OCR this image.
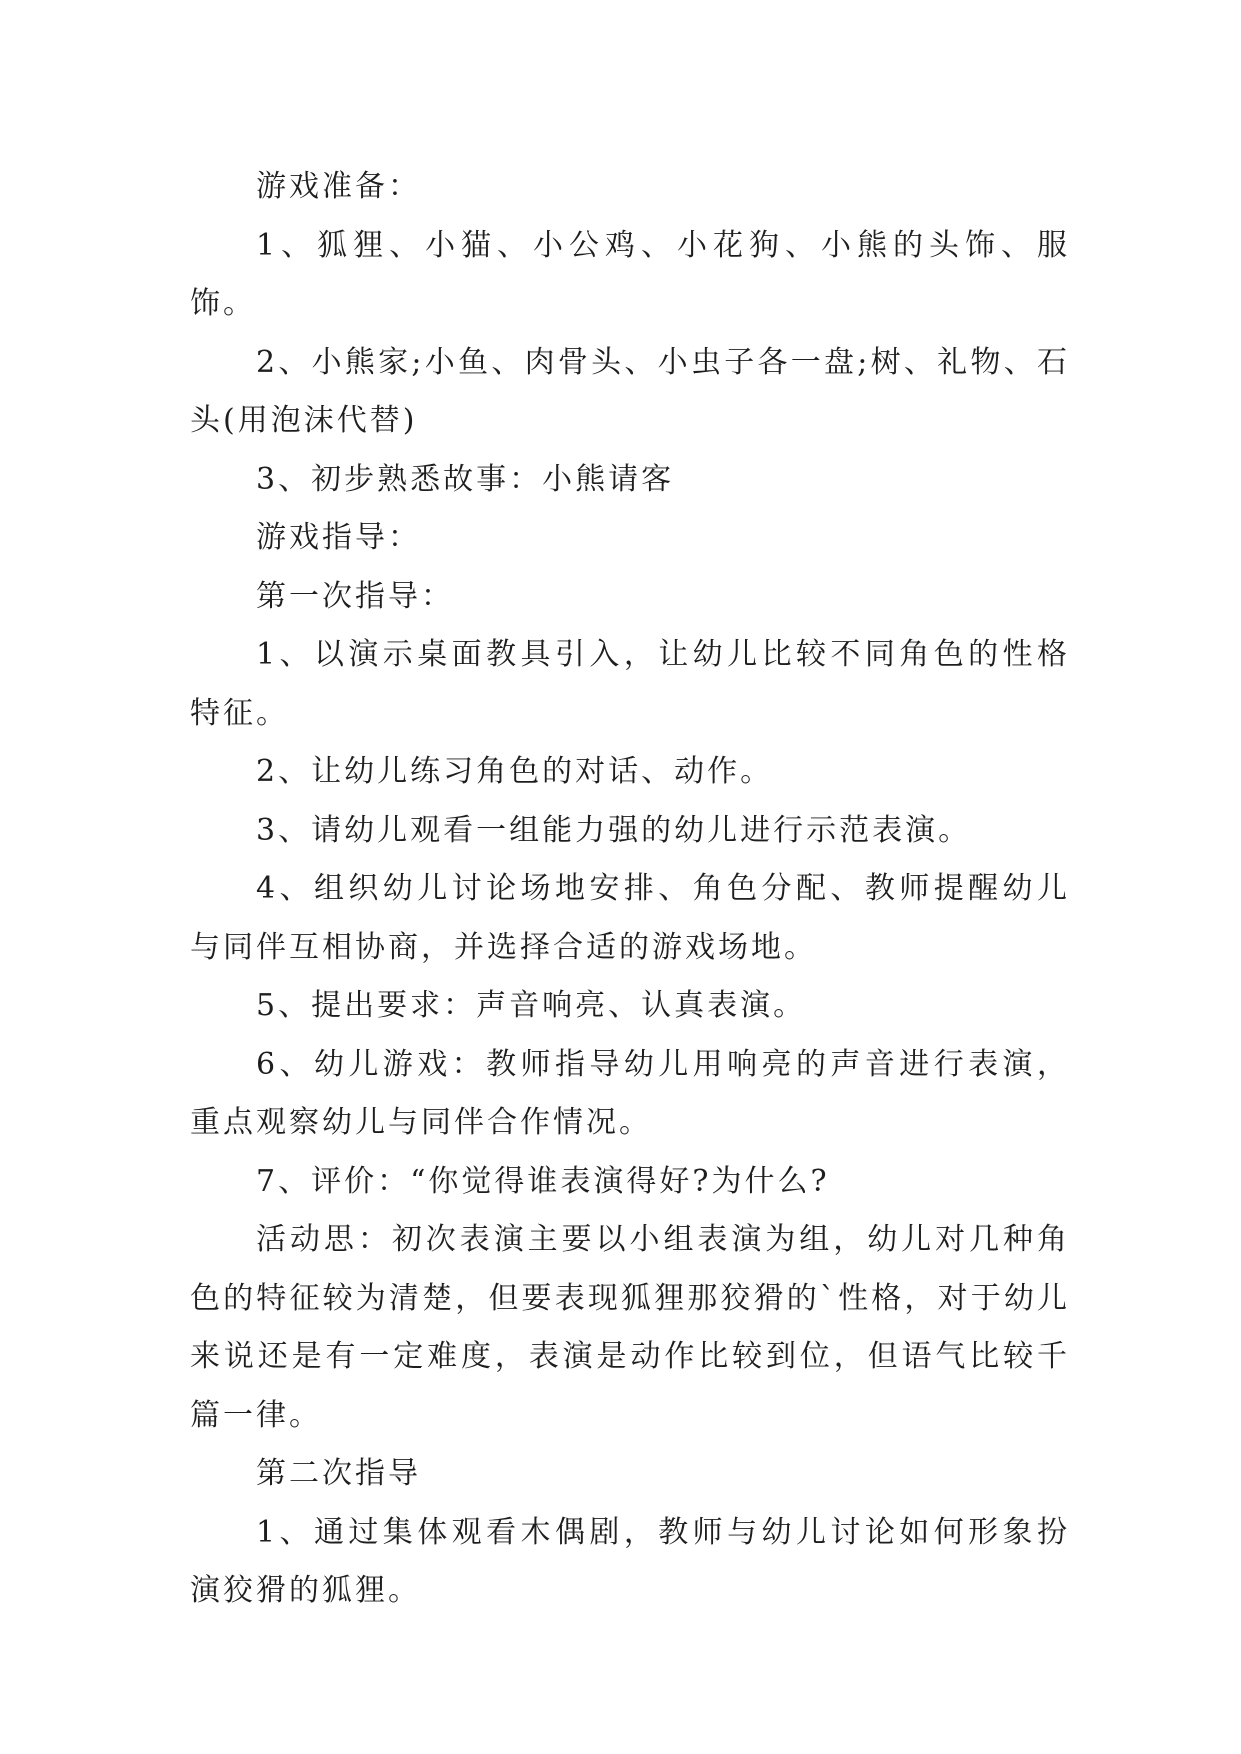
游戏准备：

1、狐狸、小猫、小公鸡、小花狗、小熊的头饰、服饰。

2、小熊家;小鱼、肉骨头、小虫子各一盘;树、礼物、石头(用泡沫代替)

3、初步熟悉故事：小熊请客

游戏指导：

第一次指导：

1、以演示桌面教具引入，让幼儿比较不同角色的性格特征。

2、让幼儿练习角色的对话、动作。

3、请幼儿观看一组能力强的幼儿进行示范表演。

4、组织幼儿讨论场地安排、角色分配、教师提醒幼儿与同伴互相协商，并选择合适的游戏场地。

5、提出要求：声音响亮、认真表演。

6、幼儿游戏：教师指导幼儿用响亮的声音进行表演，重点观察幼儿与同伴合作情况。

7、评价：“你觉得谁表演得好?为什么?

活动思：初次表演主要以小组表演为组，幼儿对几种角色的特征较为清楚，但要表现狐狸那狡猾的`性格，对于幼儿来说还是有一定难度，表演是动作比较到位，但语气比较千篇一律。

第二次指导

1、通过集体观看木偶剧，教师与幼儿讨论如何形象扮演狡猾的狐狸。
